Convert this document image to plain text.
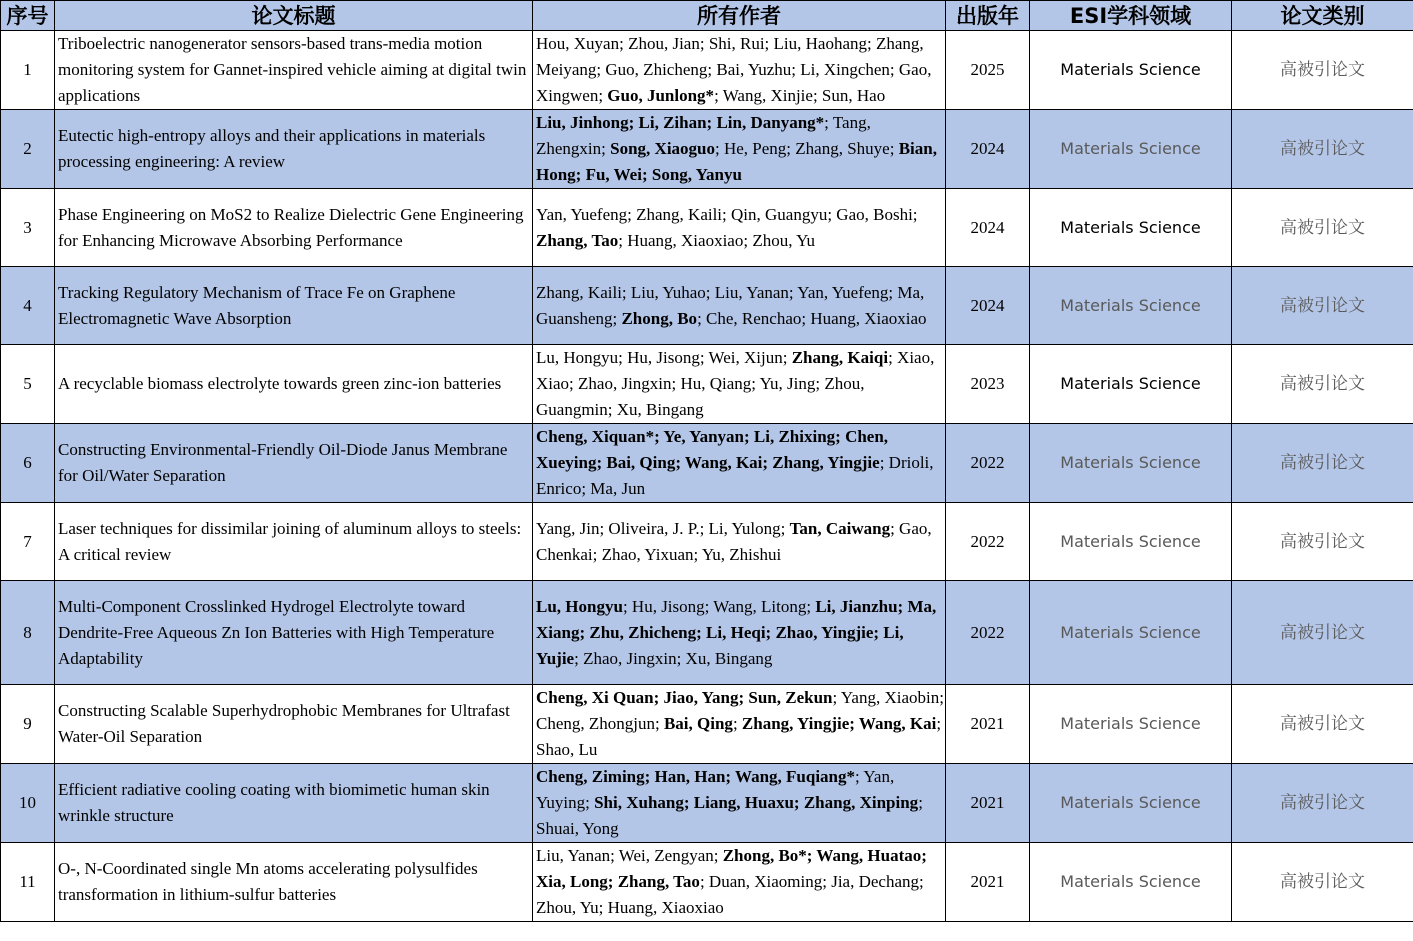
序号	论文标题	所有作者	出版年	ESI学科领域	论文类别
1	Triboelectric nanogenerator sensors-based trans-media motion monitoring system for Gannet-inspired vehicle aiming at digital twin applications	Hou, Xuyan; Zhou, Jian; Shi, Rui; Liu, Haohang; Zhang, Meiyang; Guo, Zhicheng; Bai, Yuzhu; Li, Xingchen; Gao, Xingwen; Guo, Junlong*; Wang, Xinjie; Sun, Hao	2025	Materials Science	高被引论文
2	Eutectic high-entropy alloys and their applications in materials processing engineering: A review	Liu, Jinhong; Li, Zihan; Lin, Danyang*; Tang, Zhengxin; Song, Xiaoguo; He, Peng; Zhang, Shuye; Bian, Hong; Fu, Wei; Song, Yanyu	2024	Materials Science	高被引论文
3	Phase Engineering on MoS2 to Realize Dielectric Gene Engineering for Enhancing Microwave Absorbing Performance	Yan, Yuefeng; Zhang, Kaili; Qin, Guangyu; Gao, Boshi; Zhang, Tao; Huang, Xiaoxiao; Zhou, Yu	2024	Materials Science	高被引论文
4	Tracking Regulatory Mechanism of Trace Fe on Graphene Electromagnetic Wave Absorption	Zhang, Kaili; Liu, Yuhao; Liu, Yanan; Yan, Yuefeng; Ma, Guansheng; Zhong, Bo; Che, Renchao; Huang, Xiaoxiao	2024	Materials Science	高被引论文
5	A recyclable biomass electrolyte towards green zinc-ion batteries	Lu, Hongyu; Hu, Jisong; Wei, Xijun; Zhang, Kaiqi; Xiao, Xiao; Zhao, Jingxin; Hu, Qiang; Yu, Jing; Zhou, Guangmin; Xu, Bingang	2023	Materials Science	高被引论文
6	Constructing Environmental-Friendly Oil-Diode Janus Membrane for Oil/Water Separation	Cheng, Xiquan*; Ye, Yanyan; Li, Zhixing; Chen, Xueying; Bai, Qing; Wang, Kai; Zhang, Yingjie; Drioli, Enrico; Ma, Jun	2022	Materials Science	高被引论文
7	Laser techniques for dissimilar joining of aluminum alloys to steels: A critical review	Yang, Jin; Oliveira, J. P.; Li, Yulong; Tan, Caiwang; Gao, Chenkai; Zhao, Yixuan; Yu, Zhishui	2022	Materials Science	高被引论文
8	Multi-Component Crosslinked Hydrogel Electrolyte toward Dendrite-Free Aqueous Zn Ion Batteries with High Temperature Adaptability	Lu, Hongyu; Hu, Jisong; Wang, Litong; Li, Jianzhu; Ma, Xiang; Zhu, Zhicheng; Li, Heqi; Zhao, Yingjie; Li, Yujie; Zhao, Jingxin; Xu, Bingang	2022	Materials Science	高被引论文
9	Constructing Scalable Superhydrophobic Membranes for Ultrafast Water-Oil Separation	Cheng, Xi Quan; Jiao, Yang; Sun, Zekun; Yang, Xiaobin; Cheng, Zhongjun; Bai, Qing; Zhang, Yingjie; Wang, Kai; Shao, Lu	2021	Materials Science	高被引论文
10	Efficient radiative cooling coating with biomimetic human skin wrinkle structure	Cheng, Ziming; Han, Han; Wang, Fuqiang*; Yan, Yuying; Shi, Xuhang; Liang, Huaxu; Zhang, Xinping; Shuai, Yong	2021	Materials Science	高被引论文
11	O-, N-Coordinated single Mn atoms accelerating polysulfides transformation in lithium-sulfur batteries	Liu, Yanan; Wei, Zengyan; Zhong, Bo*; Wang, Huatao; Xia, Long; Zhang, Tao; Duan, Xiaoming; Jia, Dechang; Zhou, Yu; Huang, Xiaoxiao	2021	Materials Science	高被引论文
